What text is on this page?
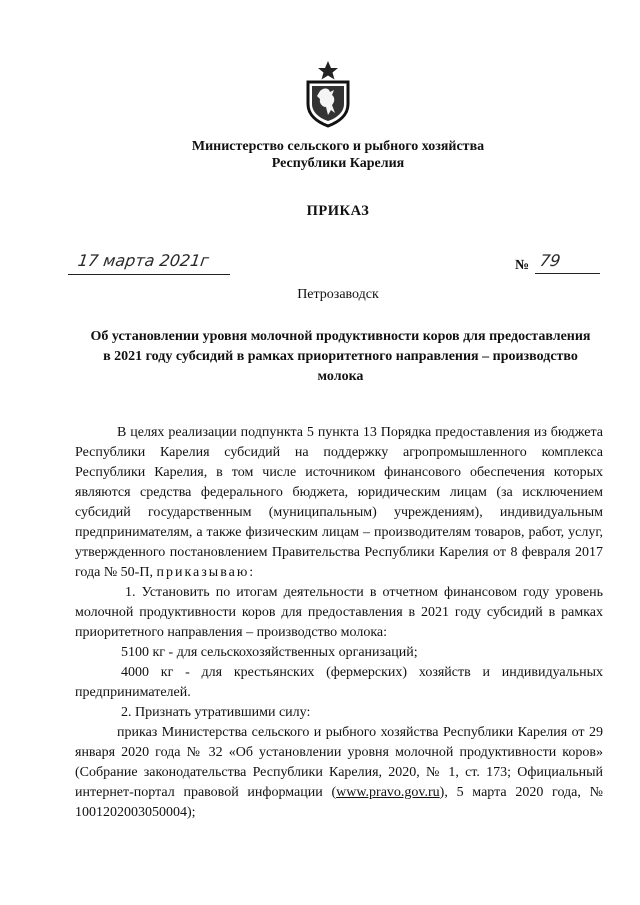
Министерство сельского и рыбного хозяйства
Республики Карелия
ПРИКАЗ
17 марта 2021г	№ 79
Петрозаводск
Об установлении уровня молочной продуктивности коров для предоставления
в 2021 году субсидий в рамках приоритетного направления – производство
молока

В целях реализации подпункта 5 пункта 13 Порядка предоставления из бюджета Республики Карелия субсидий на поддержку агропромышленного комплекса Республики Карелия, в том числе источником финансового обеспечения которых являются средства федерального бюджета, юридическим лицам (за исключением субсидий государственным (муниципальным) учреждениям), индивидуальным предпринимателям, а также физическим лицам – производителям товаров, работ, услуг, утвержденного постановлением Правительства Республики Карелия от 8 февраля 2017 года № 50-П, приказываю:

1. Установить по итогам деятельности в отчетном финансовом году уровень молочной продуктивности коров для предоставления в 2021 году субсидий в рамках приоритетного направления – производство молока:

5100 кг - для сельскохозяйственных организаций;

4000 кг - для крестьянских (фермерских) хозяйств и индивидуальных предпринимателей.

2. Признать утратившими силу:

приказ Министерства сельского и рыбного хозяйства Республики Карелия от 29 января 2020 года № 32 «Об установлении уровня молочной продуктивности коров» (Собрание законодательства Республики Карелия, 2020, № 1, ст. 173; Официальный интернет-портал правовой информации (www.pravo.gov.ru), 5 марта 2020 года, № 1001202003050004);
